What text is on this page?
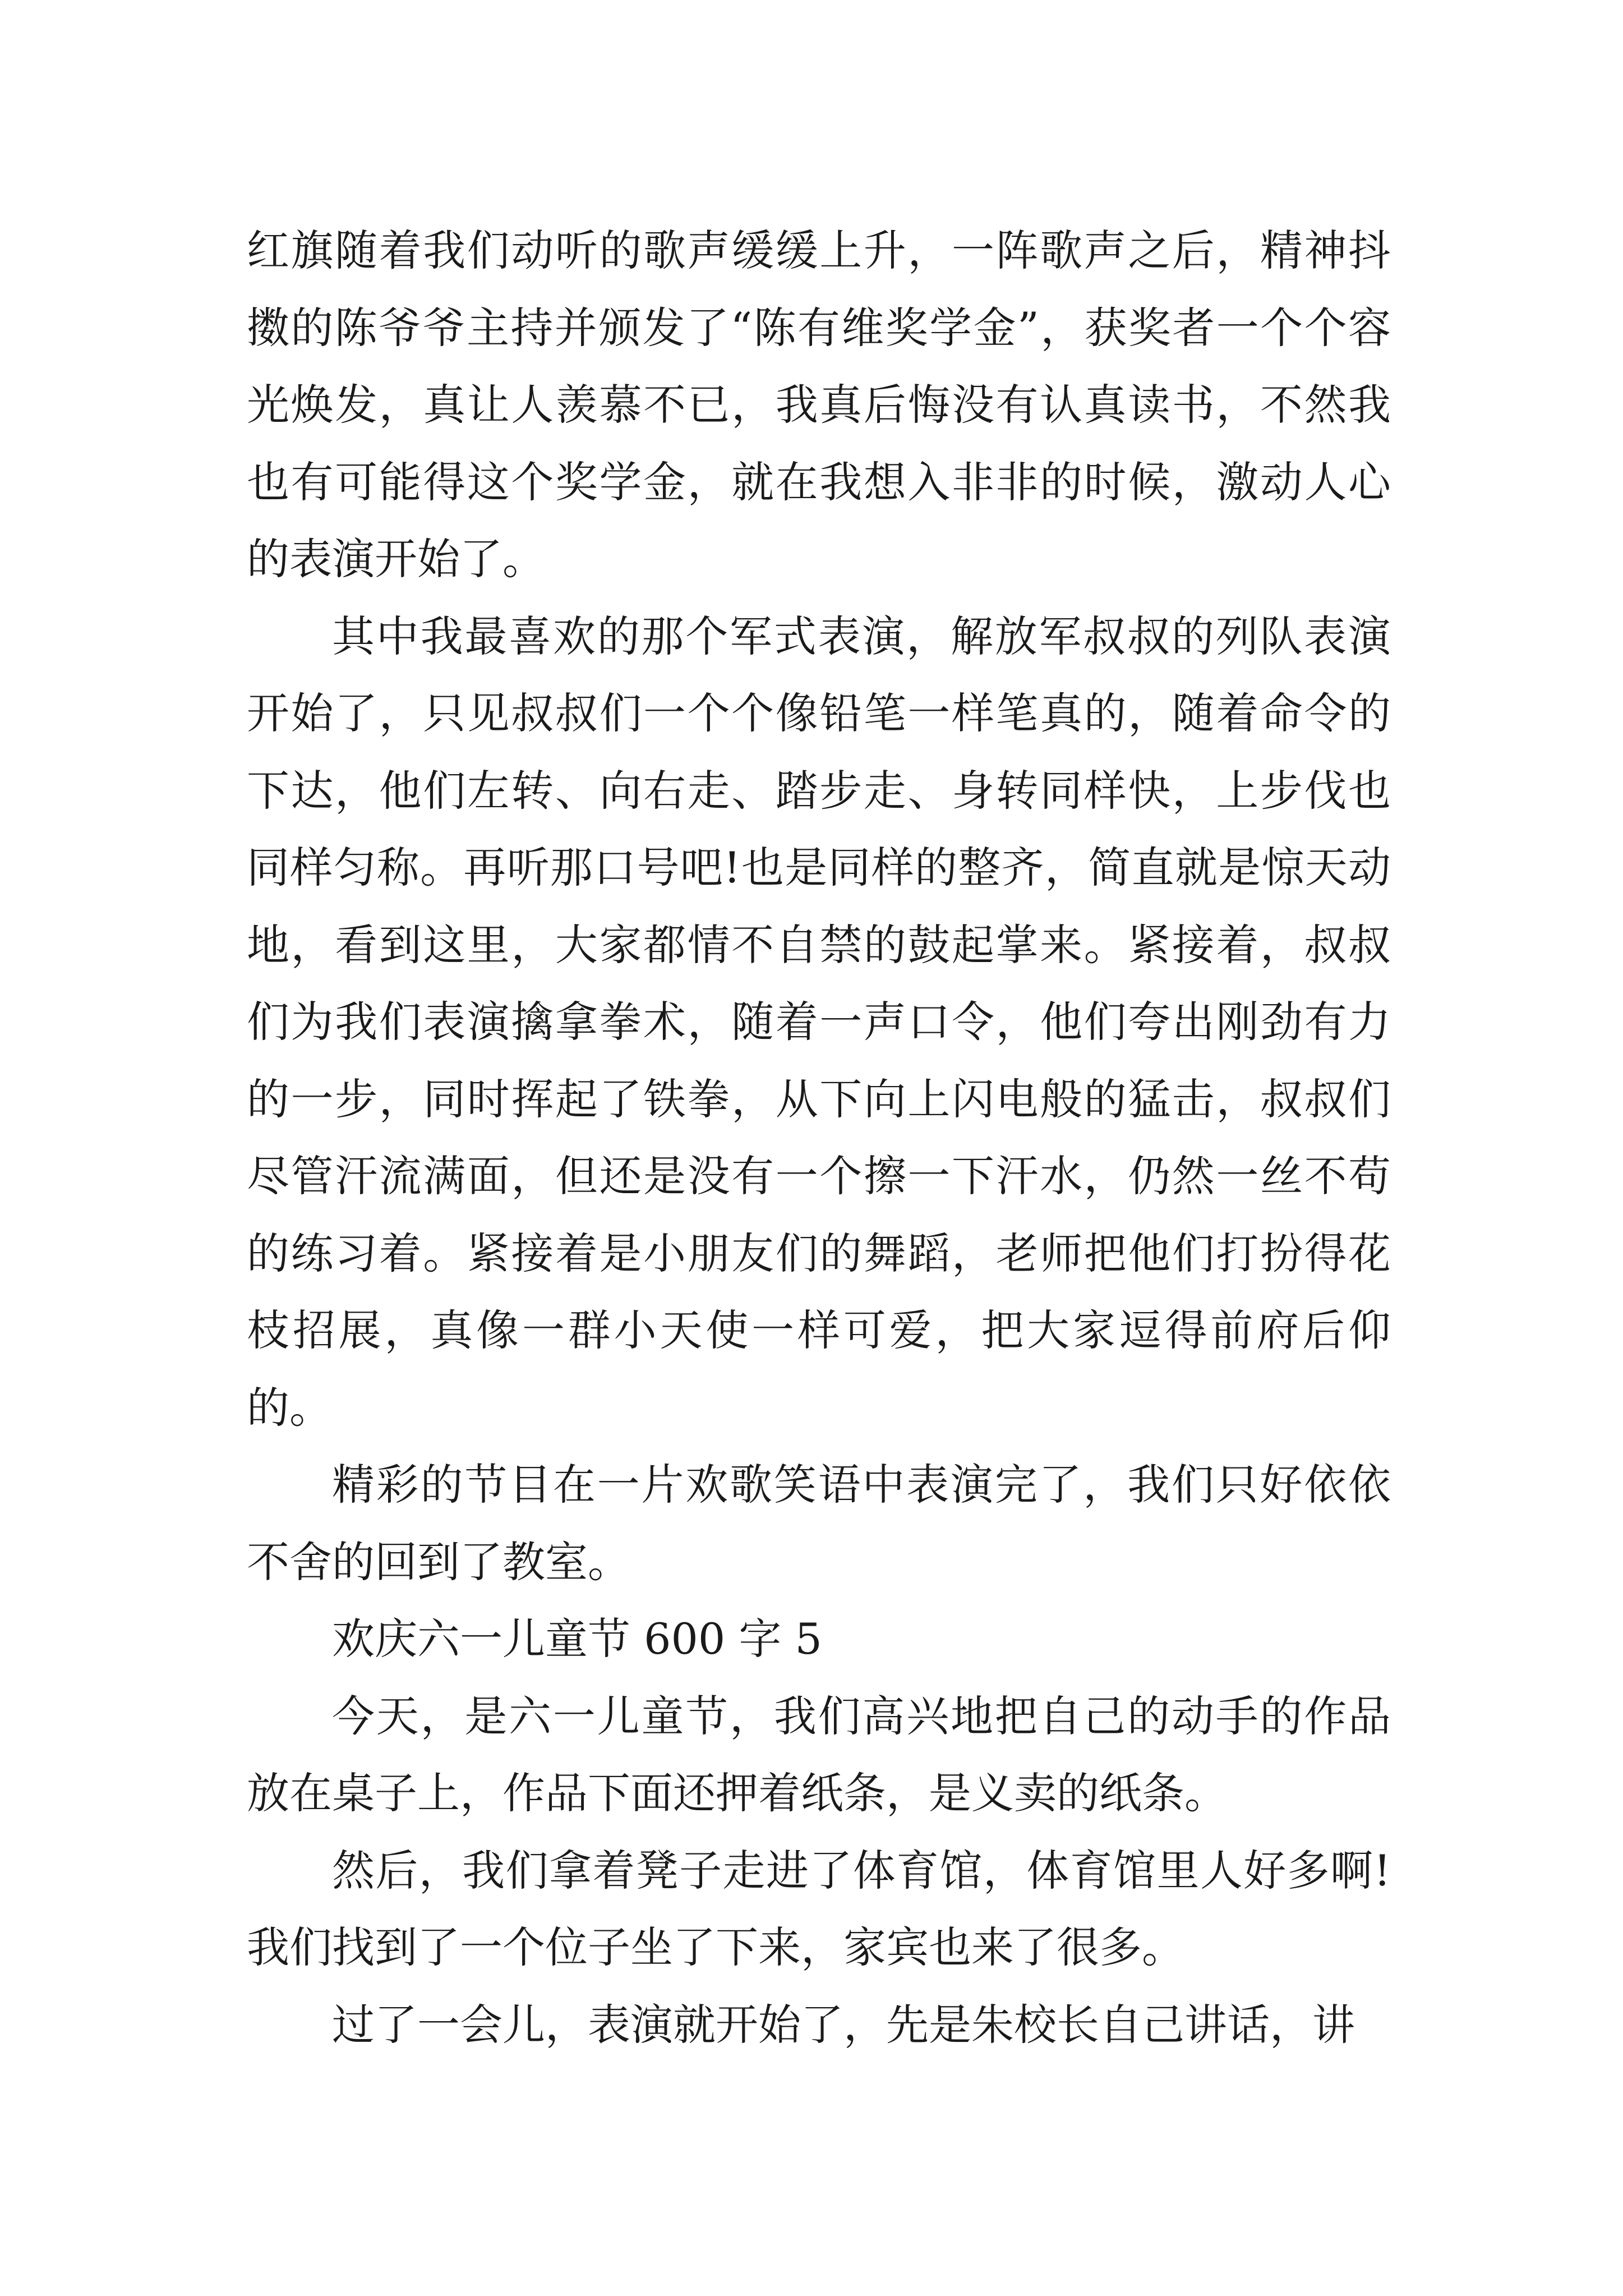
红旗随着我们动听的歌声缓缓上升，一阵歌声之后，精神抖擞的陈爷爷主持并颁发了“陈有维奖学金”，获奖者一个个容光焕发，真让人羡慕不已，我真后悔没有认真读书，不然我也有可能得这个奖学金，就在我想入非非的时候，激动人心的表演开始了。

其中我最喜欢的那个军式表演，解放军叔叔的列队表演开始了，只见叔叔们一个个像铅笔一样笔真的，随着命令的下达，他们左转、向右走、踏步走、身转同样快，上步伐也同样匀称。再听那口号吧!也是同样的整齐，简直就是惊天动地，看到这里，大家都情不自禁的鼓起掌来。紧接着，叔叔们为我们表演擒拿拳术，随着一声口令，他们夸出刚劲有力的一步，同时挥起了铁拳，从下向上闪电般的猛击，叔叔们尽管汗流满面，但还是没有一个擦一下汗水，仍然一丝不苟的练习着。紧接着是小朋友们的舞蹈，老师把他们打扮得花枝招展，真像一群小天使一样可爱，把大家逗得前府后仰的。

精彩的节目在一片欢歌笑语中表演完了，我们只好依依不舍的回到了教室。

欢庆六一儿童节 600 字 5

今天，是六一儿童节，我们高兴地把自己的动手的作品放在桌子上，作品下面还押着纸条，是义卖的纸条。

然后，我们拿着凳子走进了体育馆，体育馆里人好多啊!我们找到了一个位子坐了下来，家宾也来了很多。

过了一会儿，表演就开始了，先是朱校长自己讲话，讲
